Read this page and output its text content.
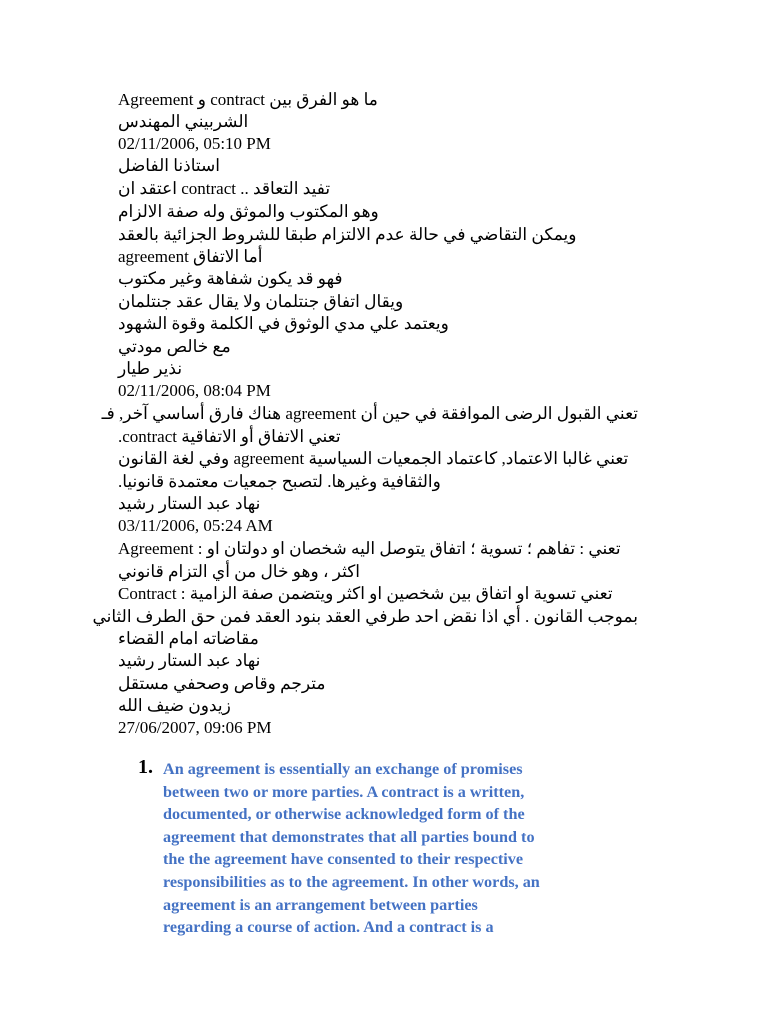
ما هو الفرق بين contract و Agreement
الشربيني المهندس
02/11/2006, 05:10 PM
استاذنا الفاضل
تفيد التعاقد .. contract اعتقد ان
وهو المكتوب والموثق وله صفة الالزام
ويمكن التقاضي في حالة عدم الالتزام طبقا للشروط الجزائية بالعقد
أما الاتفاق agreement
فهو قد يكون شفاهة وغير مكتوب
ويقال اتفاق جنتلمان ولا يقال عقد جنتلمان
ويعتمد علي مدي الوثوق في الكلمة وقوة الشهود
مع خالص مودتي
نذير طيار
02/11/2006, 08:04 PM
تعني القبول الرضى الموافقة في حين أن agreement هناك فارق أساسي آخر, فـ
تعني الاتفاق أو الاتفاقية contract.
تعني غالبا الاعتماد, كاعتماد الجمعيات السياسية agreement وفي لغة القانون
والثقافية وغيرها. لتصبح جمعيات معتمدة قانونيا.
نهاد عبد الستار رشيد
03/11/2006, 05:24 AM
تعني : تفاهم ؛ تسوية ؛ اتفاق يتوصل اليه شخصان او دولتان او : Agreement
اكثر ، وهو خال من أي التزام قانوني
تعني تسوية او اتفاق بين شخصين او اكثر ويتضمن صفة الزامية : Contract
بموجب القانون . أي اذا نقض احد طرفي العقد بنود العقد فمن حق الطرف الثاني
مقاضاته امام القضاء
نهاد عبد الستار رشيد
مترجم وقاص وصحفي مستقل
زيدون ضيف الله
27/06/2007, 09:06 PM
1. An agreement is essentially an exchange of promises
between two or more parties. A contract is a written,
documented, or otherwise acknowledged form of the
agreement that demonstrates that all parties bound to
the the agreement have consented to their respective
responsibilities as to the agreement. In other words, an
agreement is an arrangement between parties
regarding a course of action. And a contract is a
